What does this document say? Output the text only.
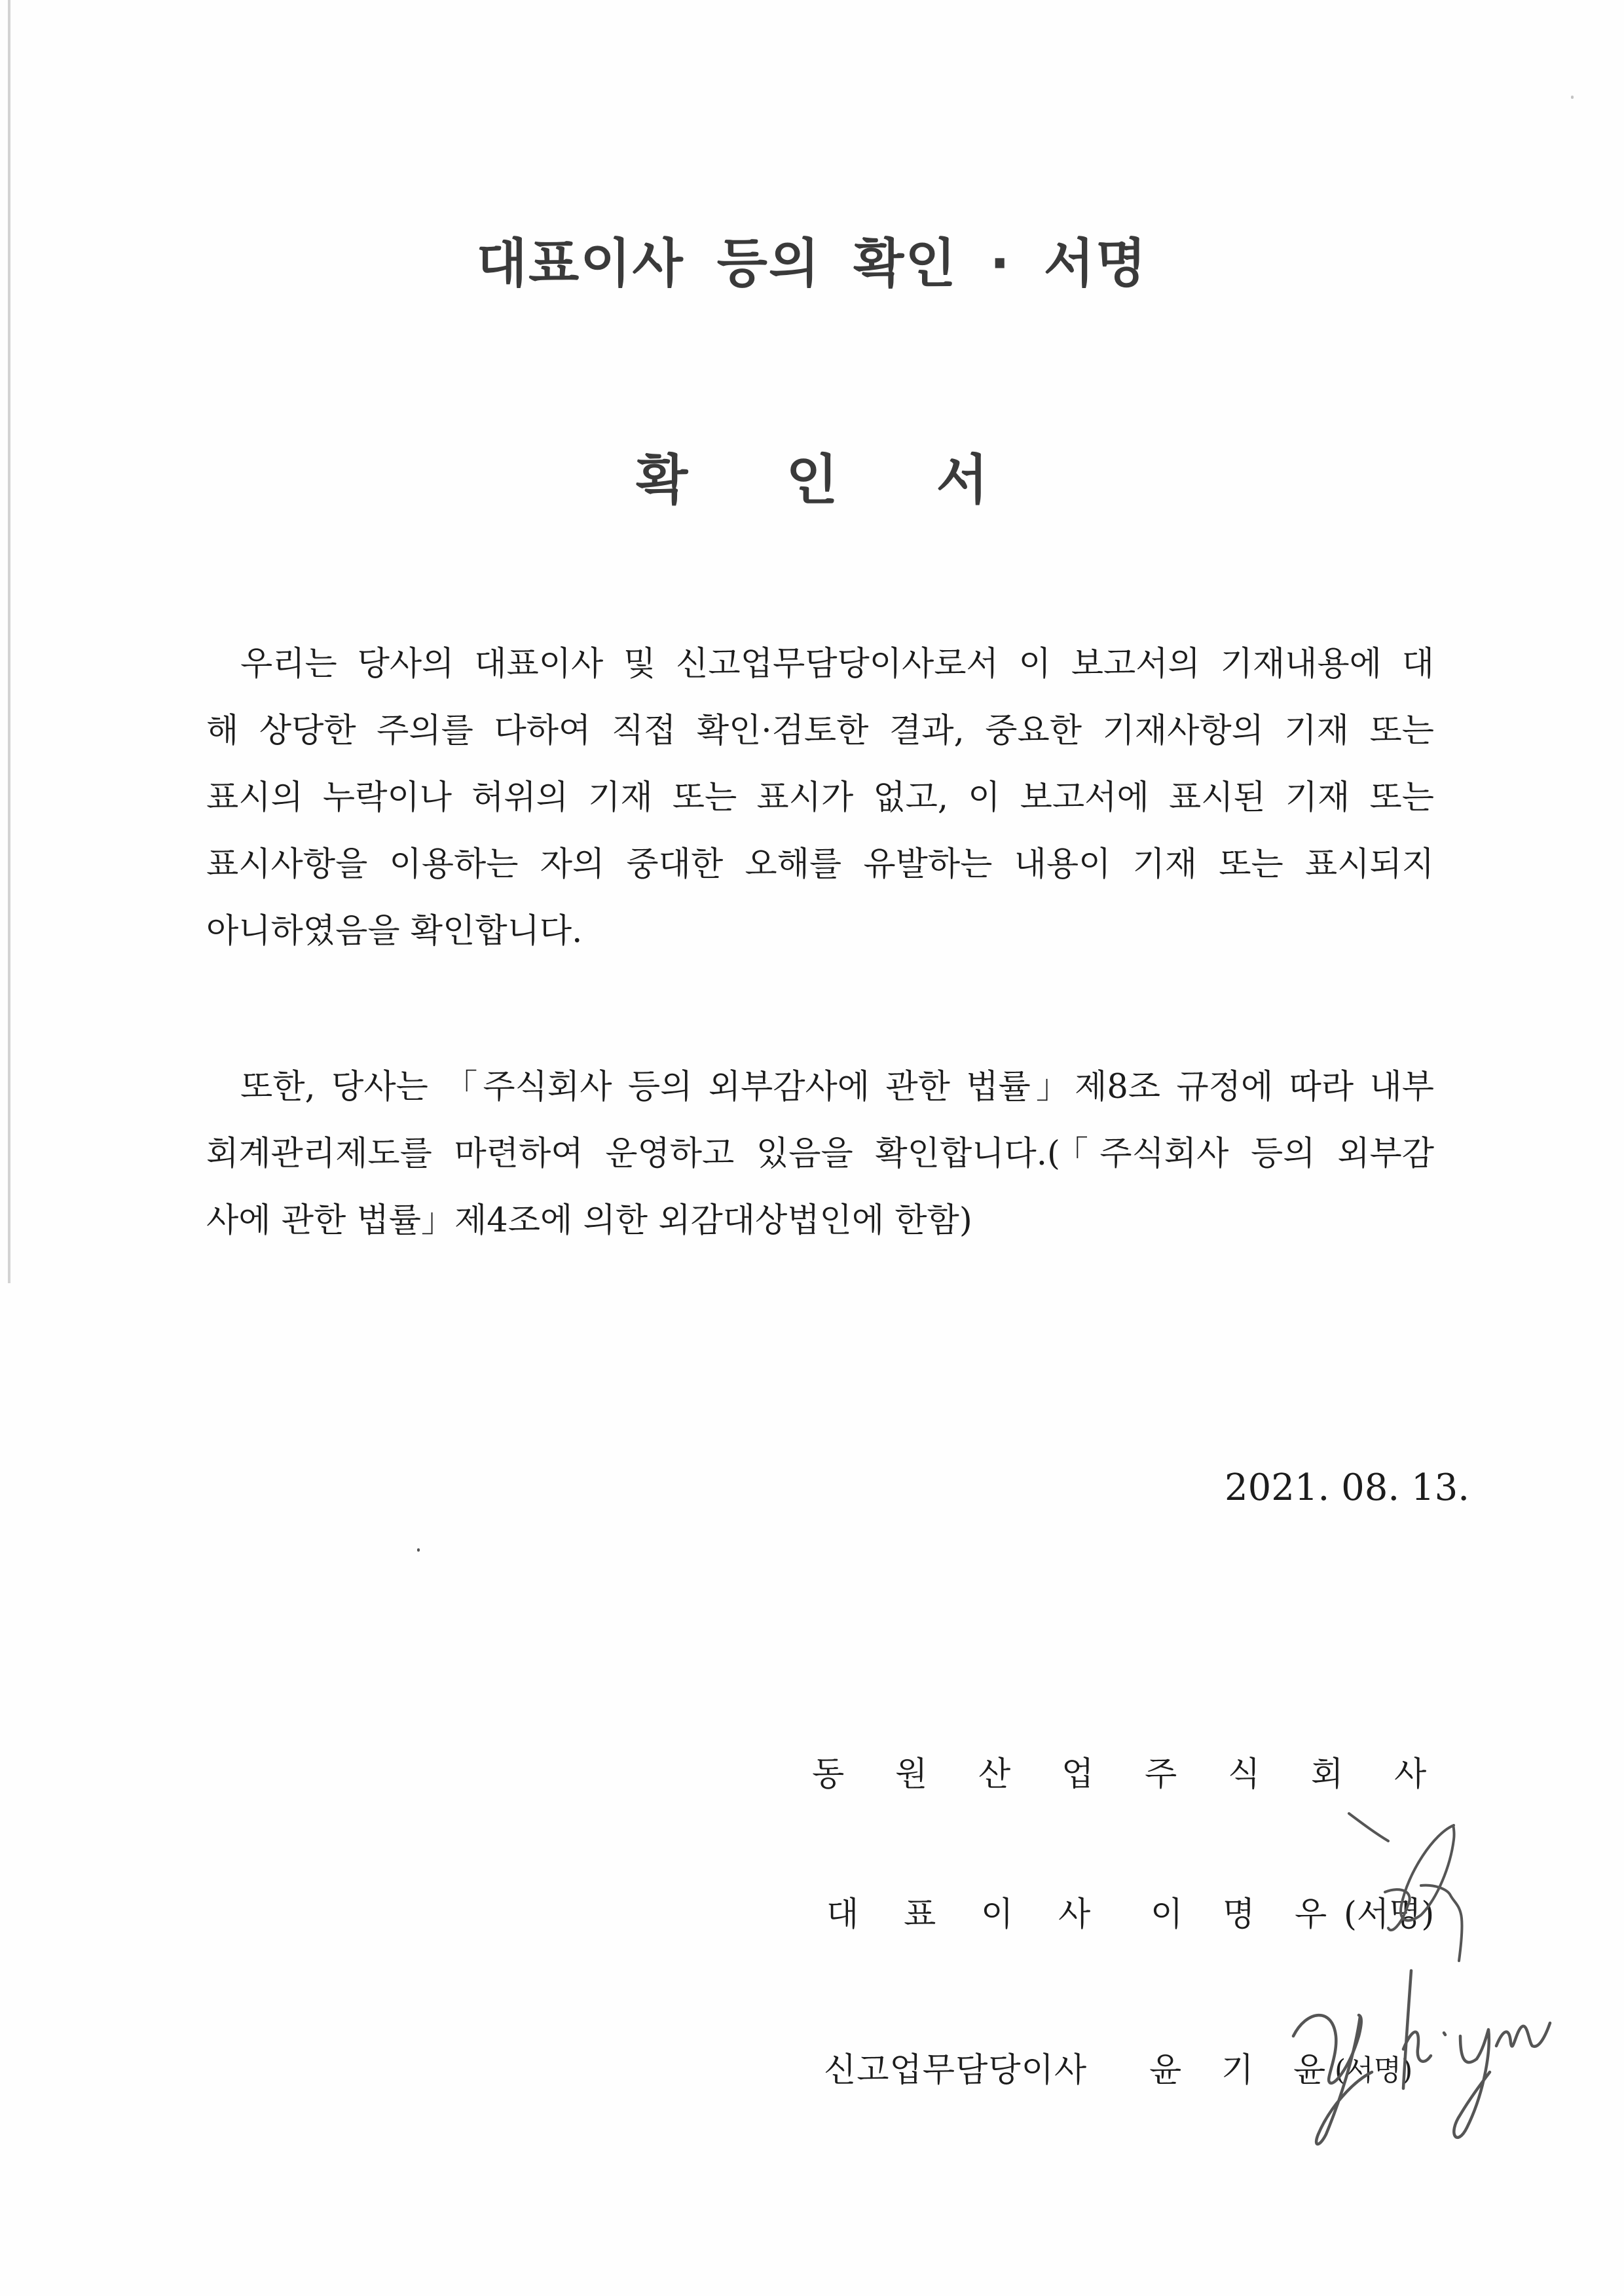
대표이사 등의 확인 · 서명
확인서
우리는 당사의 대표이사 및 신고업무담당이사로서 이 보고서의 기재내용에 대
해 상당한 주의를 다하여 직접 확인·검토한 결과, 중요한 기재사항의 기재 또는
표시의 누락이나 허위의 기재 또는 표시가 없고, 이 보고서에 표시된 기재 또는
표시사항을 이용하는 자의 중대한 오해를 유발하는 내용이 기재 또는 표시되지
아니하였음을 확인합니다.
또한, 당사는 「주식회사 등의 외부감사에 관한 법률」제8조 규정에 따라 내부
회계관리제도를 마련하여 운영하고 있음을 확인합니다.(「주식회사 등의 외부감
사에 관한 법률」제4조에 의한 외감대상법인에 한함)
2021. 08. 13.
동 원 산 업 주 식 회 사
대 표 이 사 이 명 우 (서명)
신고업무담당이사 윤 기 윤 (서명)
